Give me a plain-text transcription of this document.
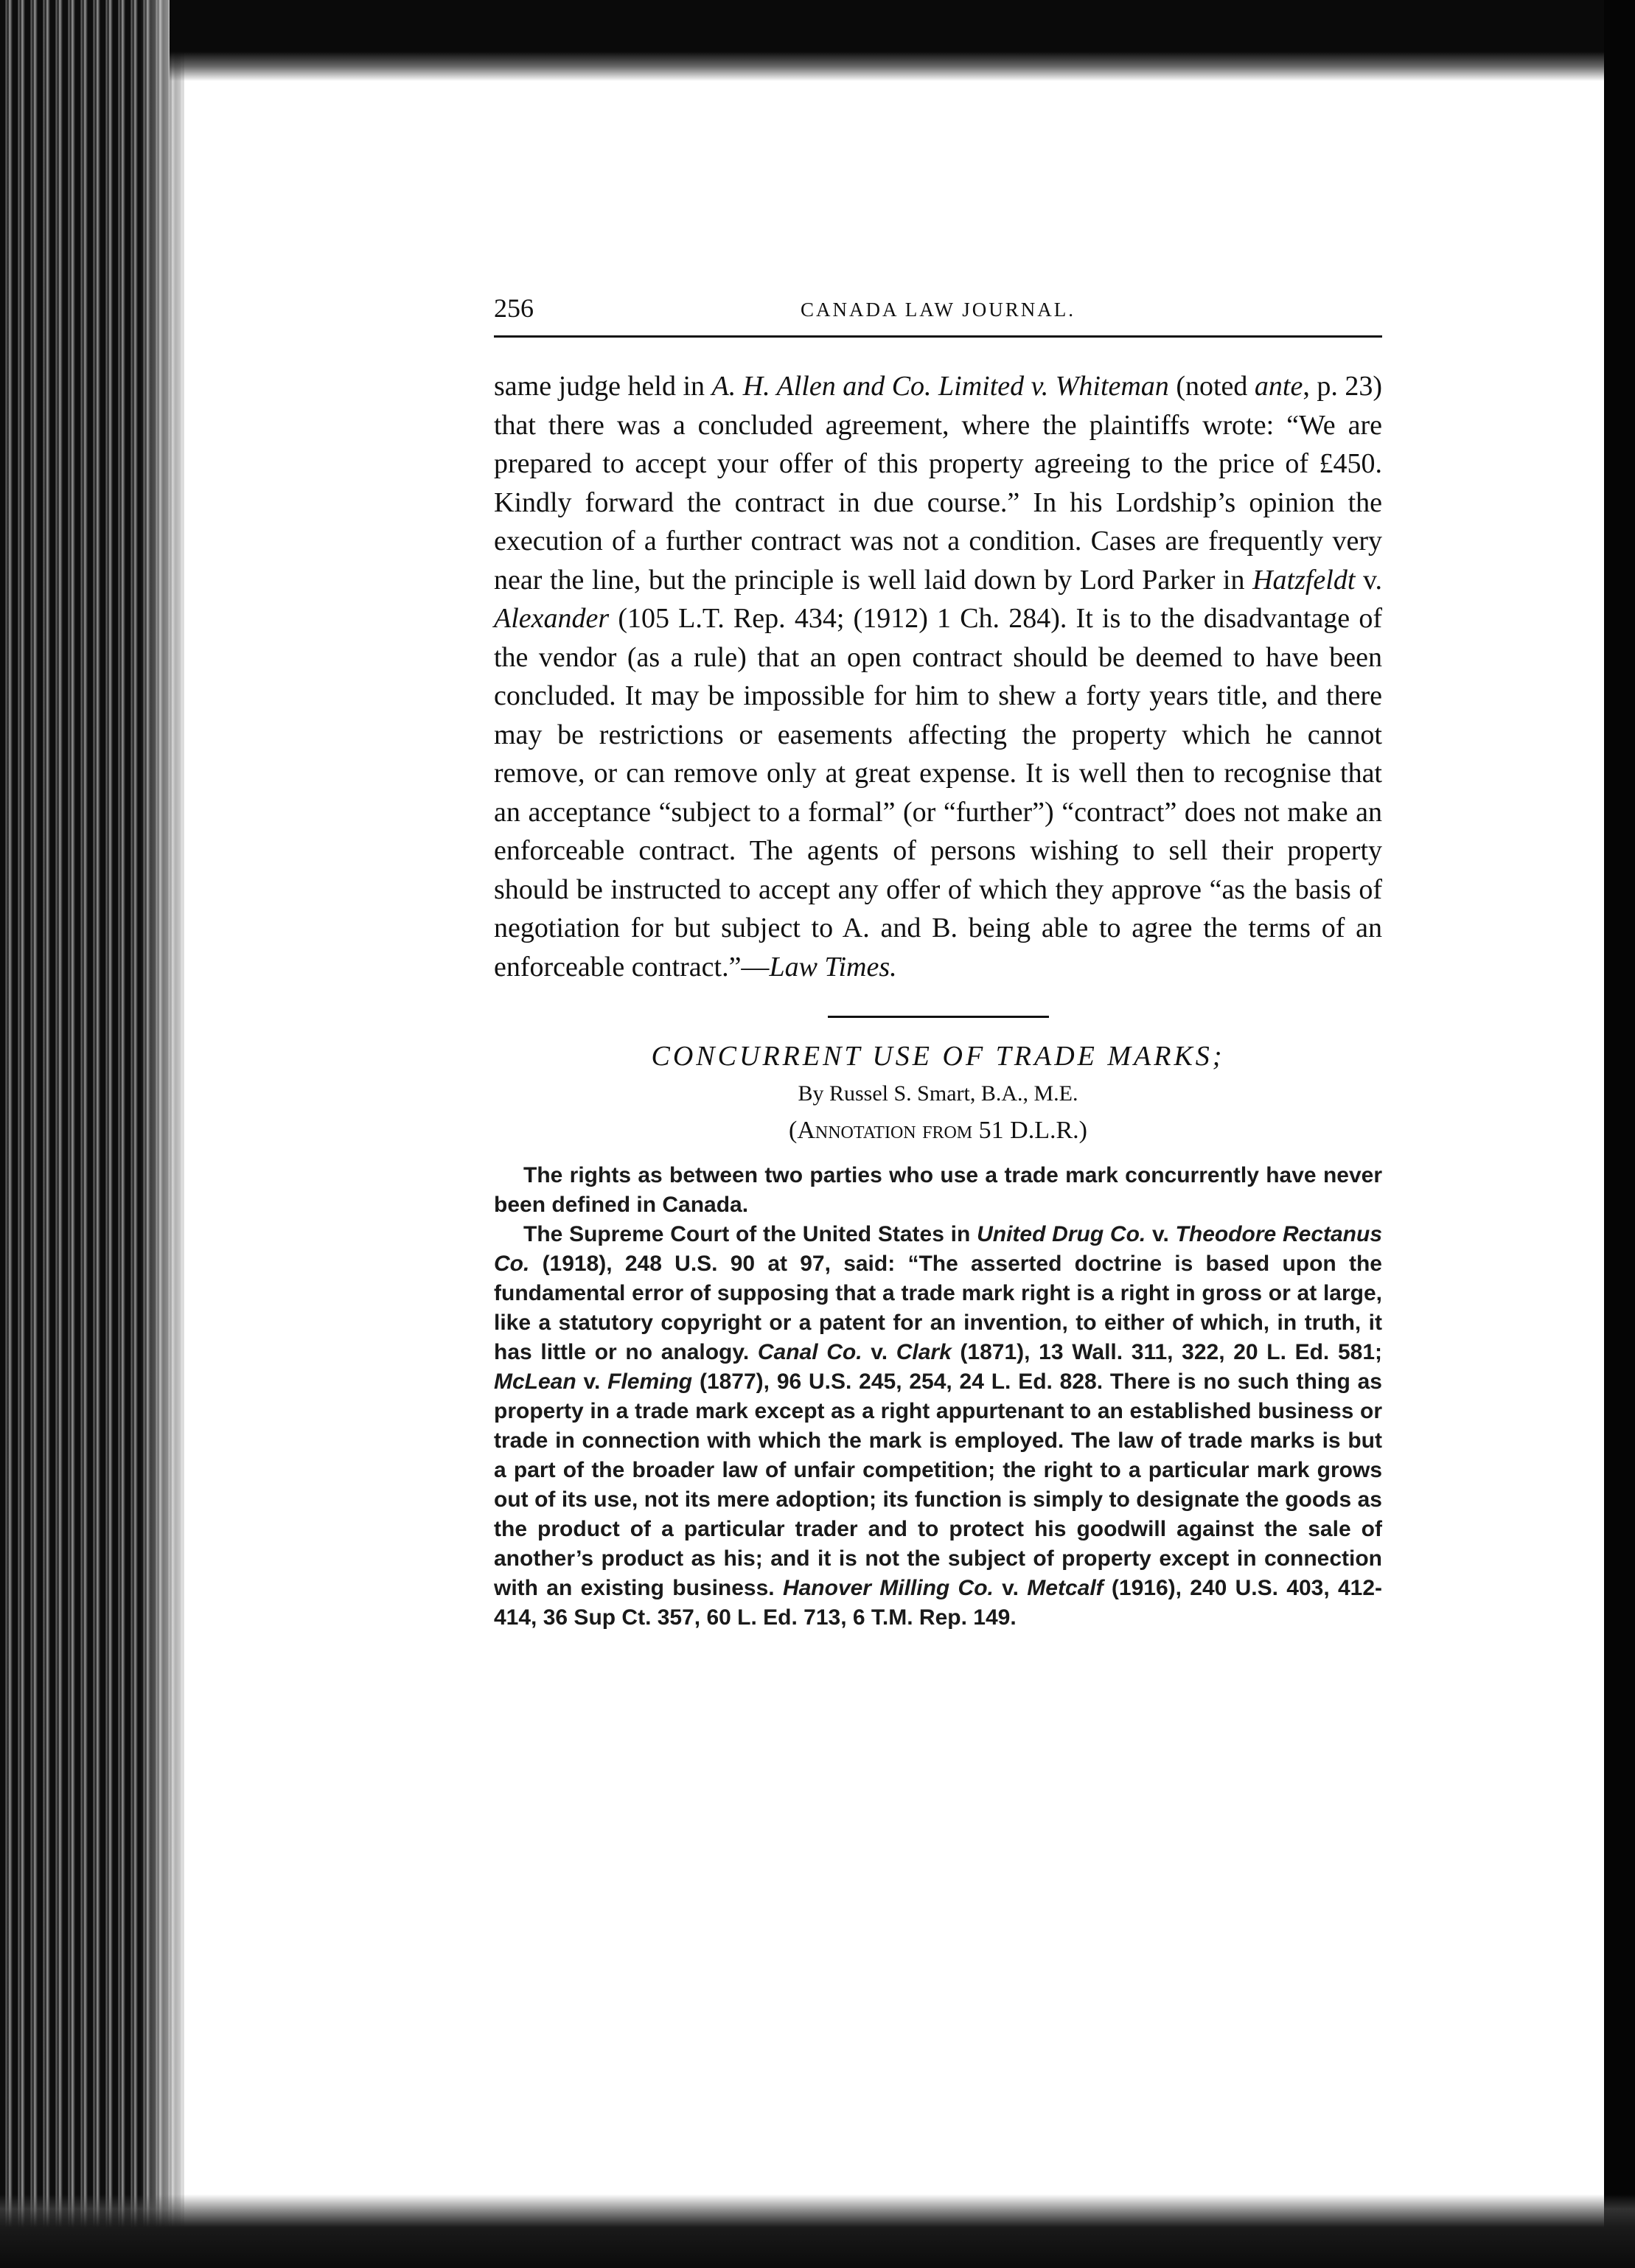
256	CANADA LAW JOURNAL.

same judge held in A. H. Allen and Co. Limited v. Whiteman (noted ante, p. 23) that there was a concluded agreement, where the plaintiffs wrote: “We are prepared to accept your offer of this property agreeing to the price of £450. Kindly forward the contract in due course.” In his Lordship’s opinion the execution of a further contract was not a condition. Cases are frequently very near the line, but the principle is well laid down by Lord Parker in Hatzfeldt v. Alexander (105 L.T. Rep. 434; (1912) 1 Ch. 284). It is to the disadvantage of the vendor (as a rule) that an open contract should be deemed to have been concluded. It may be impossible for him to shew a forty years title, and there may be restrictions or easements affecting the property which he cannot remove, or can remove only at great expense. It is well then to recognise that an acceptance “subject to a formal” (or “further”) “contract” does not make an enforceable contract. The agents of persons wishing to sell their property should be instructed to accept any offer of which they approve “as the basis of negotiation for but subject to A. and B. being able to agree the terms of an enforceable contract.”—Law Times.

CONCURRENT USE OF TRADE MARKS;
By Russel S. Smart, B.A., M.E.
(Annotation from 51 D.L.R.)

The rights as between two parties who use a trade mark concurrently have never been defined in Canada.

The Supreme Court of the United States in United Drug Co. v. Theodore Rectanus Co. (1918), 248 U.S. 90 at 97, said: “The asserted doctrine is based upon the fundamental error of supposing that a trade mark right is a right in gross or at large, like a statutory copyright or a patent for an invention, to either of which, in truth, it has little or no analogy. Canal Co. v. Clark (1871), 13 Wall. 311, 322, 20 L. Ed. 581; McLean v. Fleming (1877), 96 U.S. 245, 254, 24 L. Ed. 828. There is no such thing as property in a trade mark except as a right appurtenant to an established business or trade in connection with which the mark is employed. The law of trade marks is but a part of the broader law of unfair competition; the right to a particular mark grows out of its use, not its mere adoption; its function is simply to designate the goods as the product of a particular trader and to protect his goodwill against the sale of another’s product as his; and it is not the subject of property except in connection with an existing business. Hanover Milling Co. v. Metcalf (1916), 240 U.S. 403, 412-414, 36 Sup Ct. 357, 60 L. Ed. 713, 6 T.M. Rep. 149.
